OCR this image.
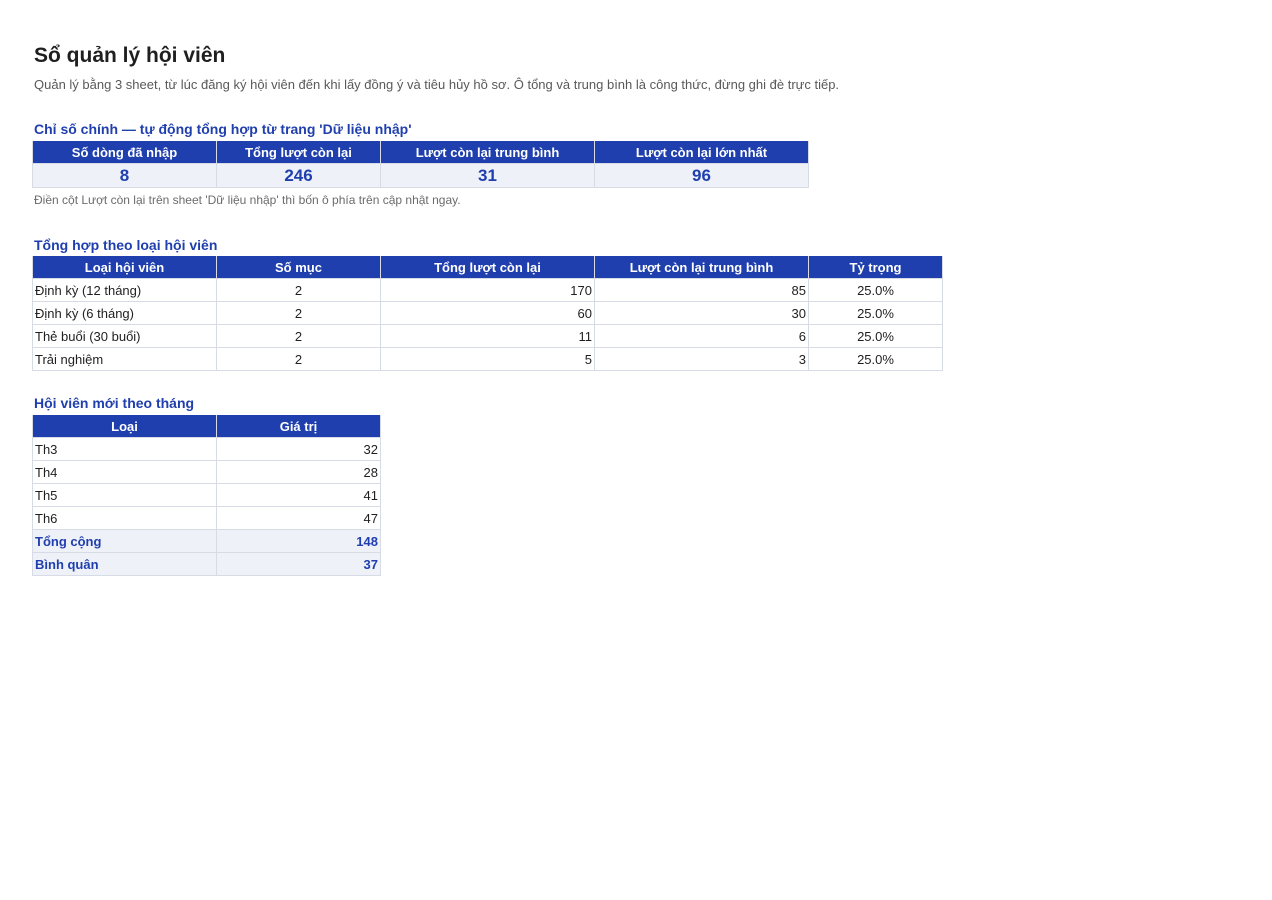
Sổ quản lý hội viên
Quản lý bằng 3 sheet, từ lúc đăng ký hội viên đến khi lấy đồng ý và tiêu hủy hồ sơ. Ô tổng và trung bình là công thức, đừng ghi đè trực tiếp.
Chỉ số chính — tự động tổng hợp từ trang 'Dữ liệu nhập'
Số dòng đã nhập	Tổng lượt còn lại	Lượt còn lại trung bình	Lượt còn lại lớn nhất
8	246	31	96
Điền cột Lượt còn lại trên sheet 'Dữ liệu nhập' thì bốn ô phía trên cập nhật ngay.
Tổng hợp theo loại hội viên
Loại hội viên	Số mục	Tổng lượt còn lại	Lượt còn lại trung bình	Tỷ trọng
Định kỳ (12 tháng)	2	170	85	25.0%
Định kỳ (6 tháng)	2	60	30	25.0%
Thẻ buổi (30 buổi)	2	11	6	25.0%
Trải nghiệm	2	5	3	25.0%
Hội viên mới theo tháng
Loại	Giá trị
Th3	32
Th4	28
Th5	41
Th6	47
Tổng cộng	148
Bình quân	37
